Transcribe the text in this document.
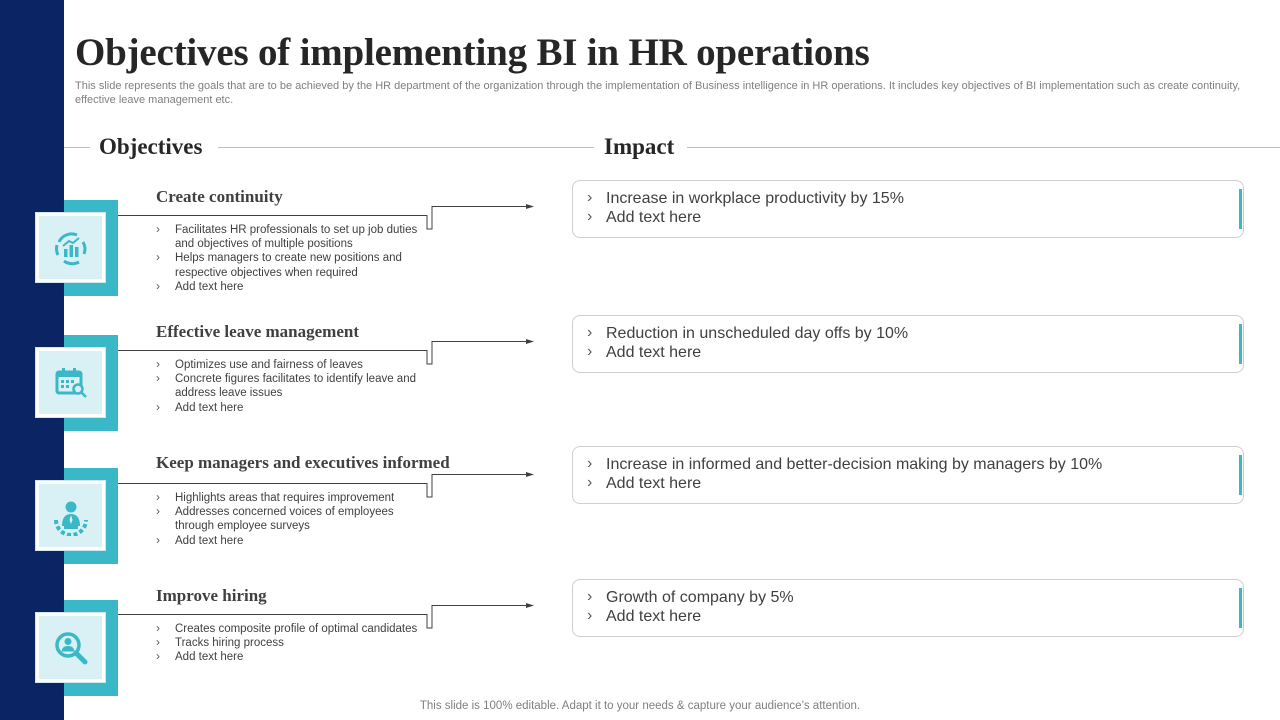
Objectives of implementing BI in HR operations

This slide represents the goals that are to be achieved by the HR department of the organization through the implementation of Business intelligence in HR operations. It includes key objectives of BI implementation such as create continuity, effective leave management etc.

Objectives	Impact
Create continuity
› Facilitates HR professionals to set up job duties and objectives of multiple positions
› Helps managers to create new positions and respective objectives when required
› Add text here
› Increase in workplace productivity by 15%
› Add text here
Effective leave management
› Optimizes use and fairness of leaves
› Concrete figures facilitates to identify leave and address leave issues
› Add text here
› Reduction in unscheduled day offs by 10%
› Add text here
Keep managers and executives informed
› Highlights areas that requires improvement
› Addresses concerned voices of employees through employee surveys
› Add text here
› Increase in informed and better-decision making by managers by 10%
› Add text here
Improve hiring
› Creates composite profile of optimal candidates
› Tracks hiring process
› Add text here
› Growth of company by 5%
› Add text here
This slide is 100% editable. Adapt it to your needs & capture your audience’s attention.
